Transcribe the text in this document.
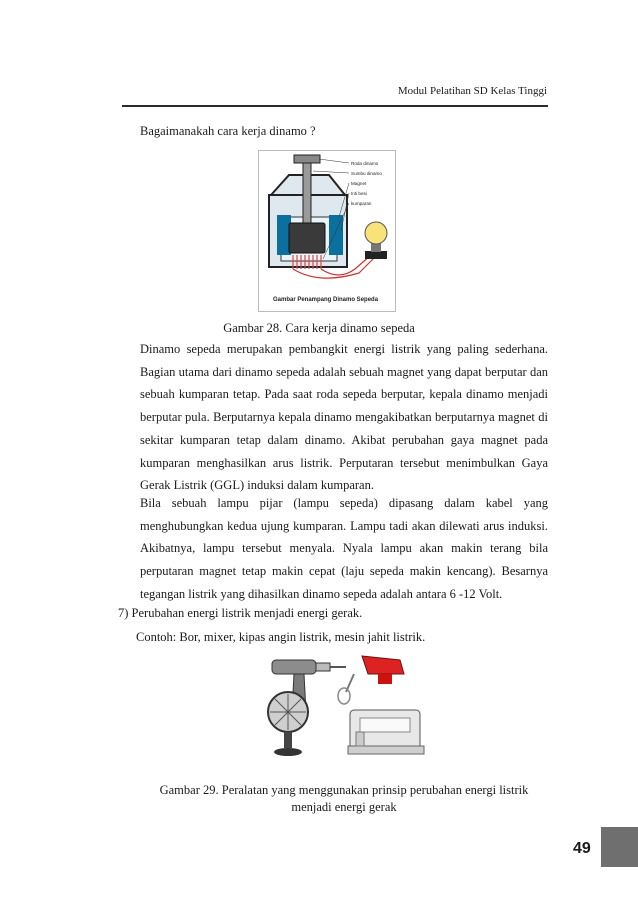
Modul Pelatihan SD Kelas Tinggi
Bagaimanakah cara kerja dinamo ?
Roda dinamo
Sumbu dinamo
Magnet
Inti besi
kumparan
Gambar Penampang Dinamo Sepeda
Gambar 28. Cara kerja dinamo sepeda
Dinamo sepeda merupakan pembangkit energi listrik yang paling sederhana. Bagian utama dari dinamo sepeda adalah sebuah magnet yang dapat berputar dan sebuah kumparan tetap. Pada saat roda sepeda berputar, kepala dinamo menjadi berputar pula. Berputarnya kepala dinamo mengakibatkan berputarnya magnet di sekitar kumparan tetap dalam dinamo. Akibat perubahan gaya magnet pada kumparan menghasilkan arus listrik. Perputaran tersebut menimbulkan Gaya Gerak Listrik (GGL) induksi dalam kumparan.
Bila sebuah lampu pijar (lampu sepeda) dipasang dalam kabel yang menghubungkan kedua ujung kumparan. Lampu tadi akan dilewati arus induksi. Akibatnya, lampu tersebut menyala. Nyala lampu akan makin terang bila perputaran magnet tetap makin cepat (laju sepeda makin kencang). Besarnya tegangan listrik yang dihasilkan dinamo sepeda adalah antara 6 -12 Volt.
7) Perubahan energi listrik menjadi energi gerak.
Contoh: Bor, mixer, kipas angin listrik, mesin jahit listrik.
Gambar 29. Peralatan yang menggunakan prinsip perubahan energi listrik
menjadi energi gerak
49
